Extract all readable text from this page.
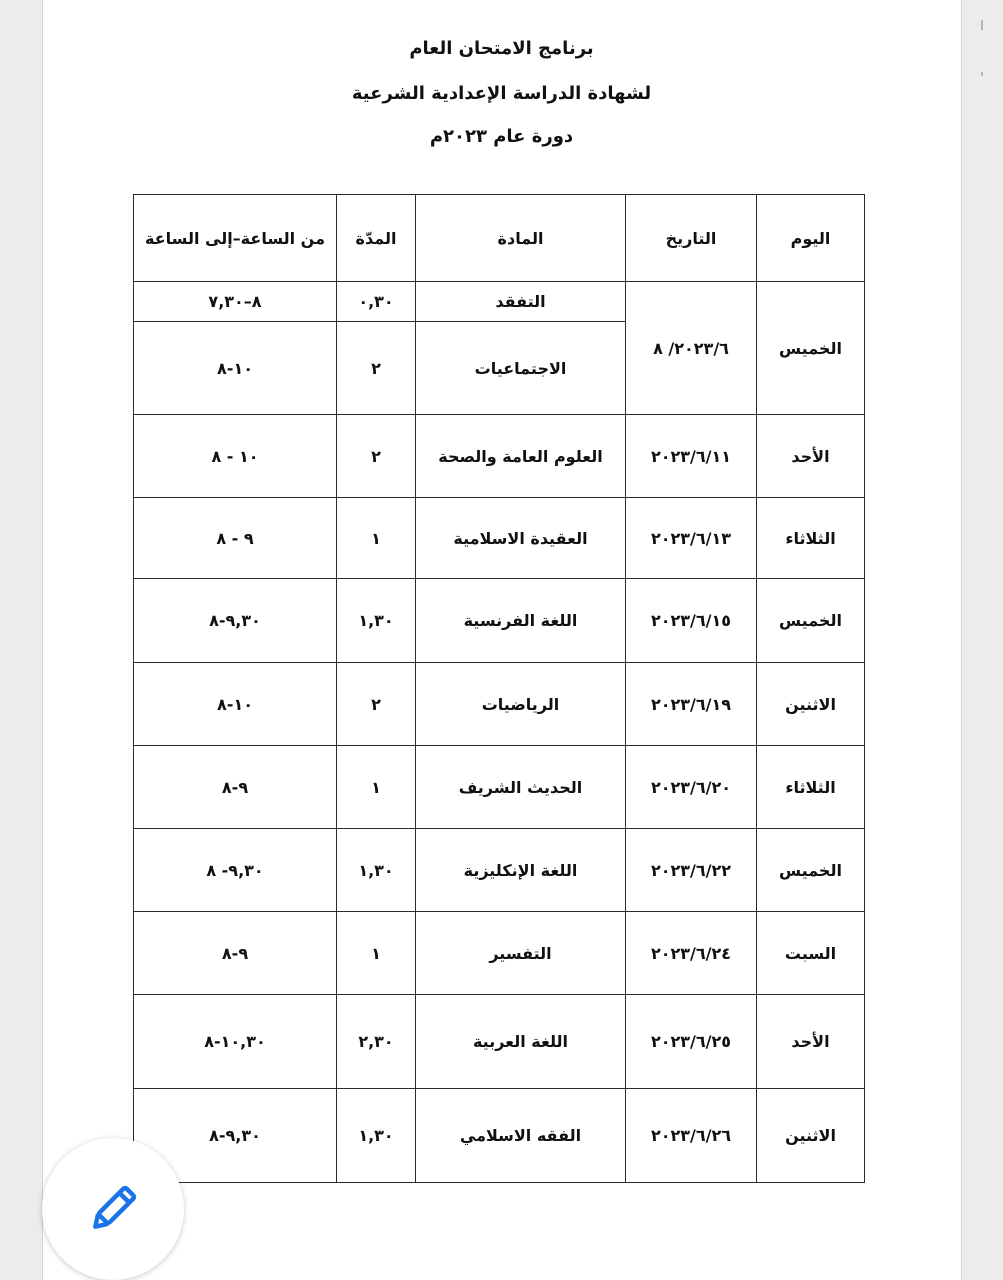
برنامج الامتحان العام
لشهادة الدراسة الإعدادية الشرعية
دورة عام ٢٠٢٣م
اليوم	التاريخ	المادة	المدّة	من الساعة–إلى الساعة
الخميس	٢٠٢٣/٦/ ٨	التفقد	٠,٣٠	٨–٧,٣٠
		الاجتماعيات	٢	١٠-٨
الأحد	٢٠٢٣/٦/١١	العلوم العامة والصحة	٢	١٠ - ٨
الثلاثاء	٢٠٢٣/٦/١٣	العقيدة الاسلامية	١	٩ - ٨
الخميس	٢٠٢٣/٦/١٥	اللغة الفرنسية	١,٣٠	٩,٣٠-٨
الاثنين	٢٠٢٣/٦/١٩	الرياضيات	٢	١٠-٨
الثلاثاء	٢٠٢٣/٦/٢٠	الحديث الشريف	١	٩-٨
الخميس	٢٠٢٣/٦/٢٢	اللغة الإنكليزية	١,٣٠	٩,٣٠- ٨
السبت	٢٠٢٣/٦/٢٤	التفسير	١	٩-٨
الأحد	٢٠٢٣/٦/٢٥	اللغة العربية	٢,٣٠	١٠,٣٠-٨
الاثنين	٢٠٢٣/٦/٢٦	الفقه الاسلامي	١,٣٠	٩,٣٠-٨
